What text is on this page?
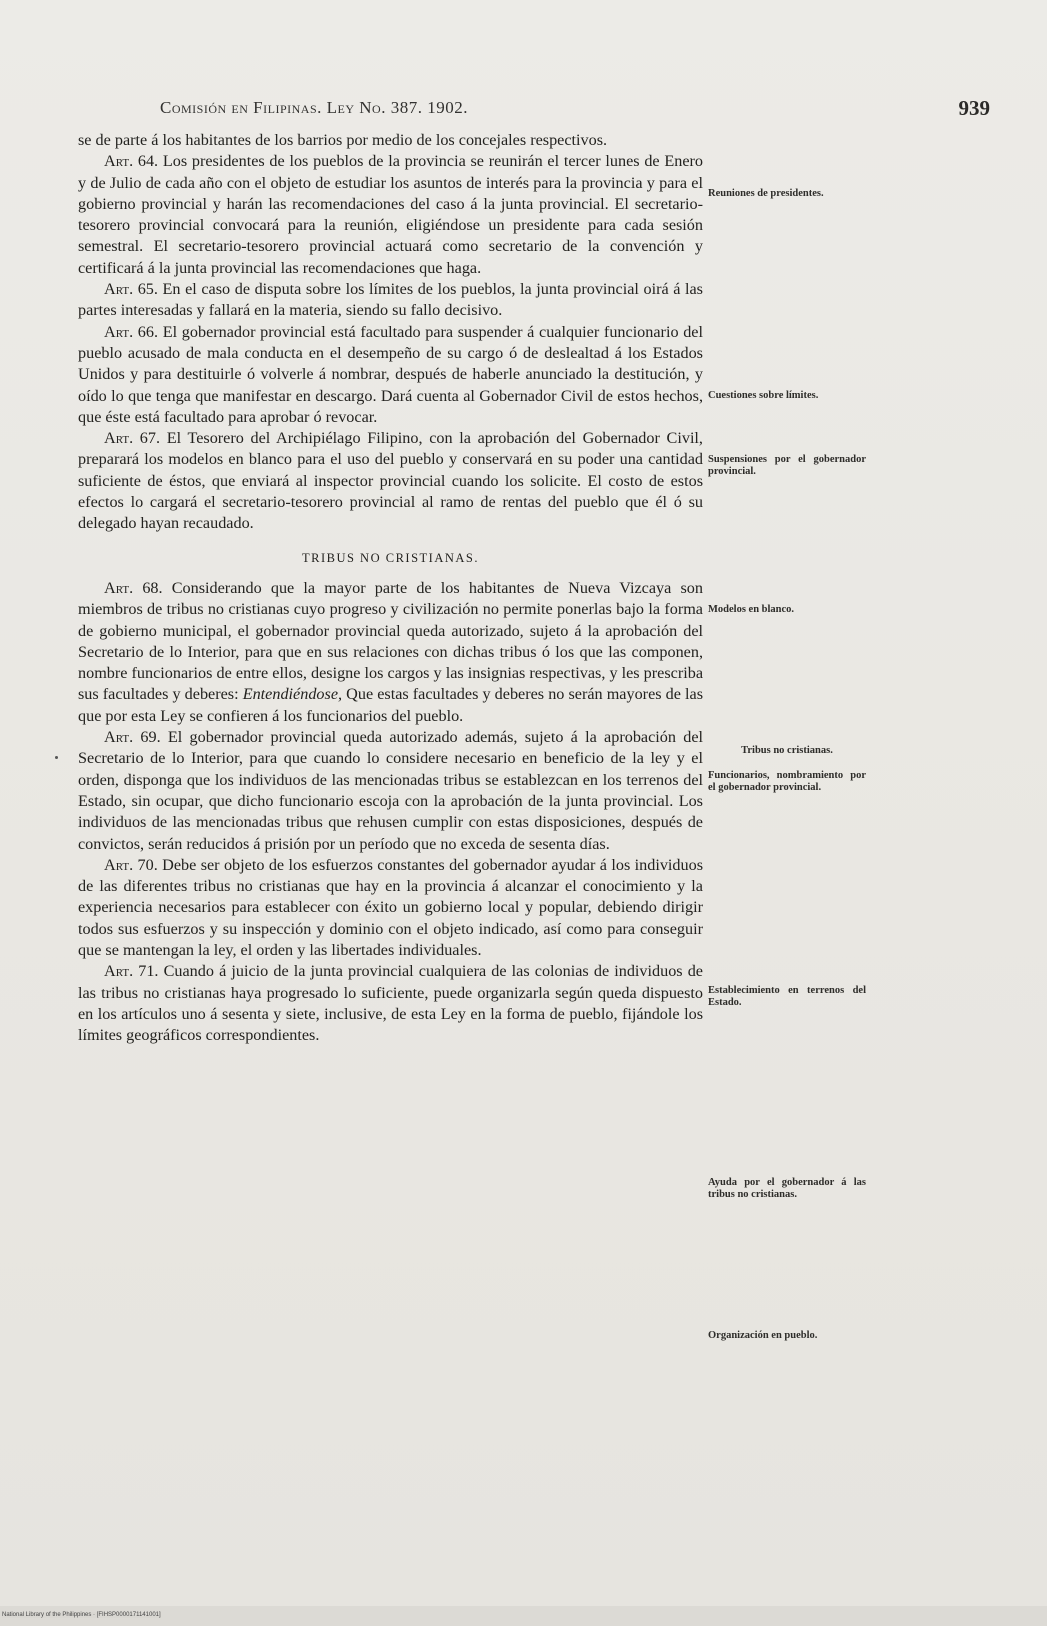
Comisión en Filipinas. Ley No. 387. 1902.	939

se de parte á los habitantes de los barrios por medio de los concejales respectivos.

Art. 64. Los presidentes de los pueblos de la provincia se reunirán el tercer lunes de Enero y de Julio de cada año con el objeto de estudiar los asuntos de interés para la provincia y para el gobierno provincial y harán las recomendaciones del caso á la junta provincial. El secretario-tesorero provincial convocará para la reunión, eligiéndose un presidente para cada sesión semestral. El secretario-tesorero provincial actuará como secretario de la convención y certificará á la junta provincial las recomendaciones que haga.

Art. 65. En el caso de disputa sobre los límites de los pueblos, la junta provincial oirá á las partes interesadas y fallará en la materia, siendo su fallo decisivo.

Art. 66. El gobernador provincial está facultado para suspender á cualquier funcionario del pueblo acusado de mala conducta en el desempeño de su cargo ó de deslealtad á los Estados Unidos y para destituirle ó volverle á nombrar, después de haberle anunciado la destitución, y oído lo que tenga que manifestar en descargo. Dará cuenta al Gobernador Civil de estos hechos, que éste está facultado para aprobar ó revocar.

Art. 67. El Tesorero del Archipiélago Filipino, con la aprobación del Gobernador Civil, preparará los modelos en blanco para el uso del pueblo y conservará en su poder una cantidad suficiente de éstos, que enviará al inspector provincial cuando los solicite. El costo de estos efectos lo cargará el secretario-tesorero provincial al ramo de rentas del pueblo que él ó su delegado hayan recaudado.

TRIBUS NO CRISTIANAS.

Art. 68. Considerando que la mayor parte de los habitantes de Nueva Vizcaya son miembros de tribus no cristianas cuyo progreso y civilización no permite ponerlas bajo la forma de gobierno municipal, el gobernador provincial queda autorizado, sujeto á la aprobación del Secretario de lo Interior, para que en sus relaciones con dichas tribus ó los que las componen, nombre funcionarios de entre ellos, designe los cargos y las insignias respectivas, y les prescriba sus facultades y deberes: Entendiéndose, Que estas facultades y deberes no serán mayores de las que por esta Ley se confieren á los funcionarios del pueblo.

Art. 69. El gobernador provincial queda autorizado además, sujeto á la aprobación del Secretario de lo Interior, para que cuando lo considere necesario en beneficio de la ley y el orden, disponga que los individuos de las mencionadas tribus se establezcan en los terrenos del Estado, sin ocupar, que dicho funcionario escoja con la aprobación de la junta provincial. Los individuos de las mencionadas tribus que rehusen cumplir con estas disposiciones, después de convictos, serán reducidos á prisión por un período que no exceda de sesenta días.

Art. 70. Debe ser objeto de los esfuerzos constantes del gobernador ayudar á los individuos de las diferentes tribus no cristianas que hay en la provincia á alcanzar el conocimiento y la experiencia necesarios para establecer con éxito un gobierno local y popular, debiendo dirigir todos sus esfuerzos y su inspección y dominio con el objeto indicado, así como para conseguir que se mantengan la ley, el orden y las libertades individuales.

Art. 71. Cuando á juicio de la junta provincial cualquiera de las colonias de individuos de las tribus no cristianas haya progresado lo suficiente, puede organizarla según queda dispuesto en los artículos uno á sesenta y siete, inclusive, de esta Ley en la forma de pueblo, fijándole los límites geográficos correspondientes.

Reuniones de presidentes.
Cuestiones sobre límites.
Suspensiones por el gobernador provincial.
Modelos en blanco.
Tribus no cristianas.
Funcionarios, nombramiento por el gobernador provincial.
Establecimiento en terrenos del Estado.
Ayuda por el gobernador á las tribus no cristianas.
Organización en pueblo.
National Library of the Philippines · [FIHSP0000171141001]
